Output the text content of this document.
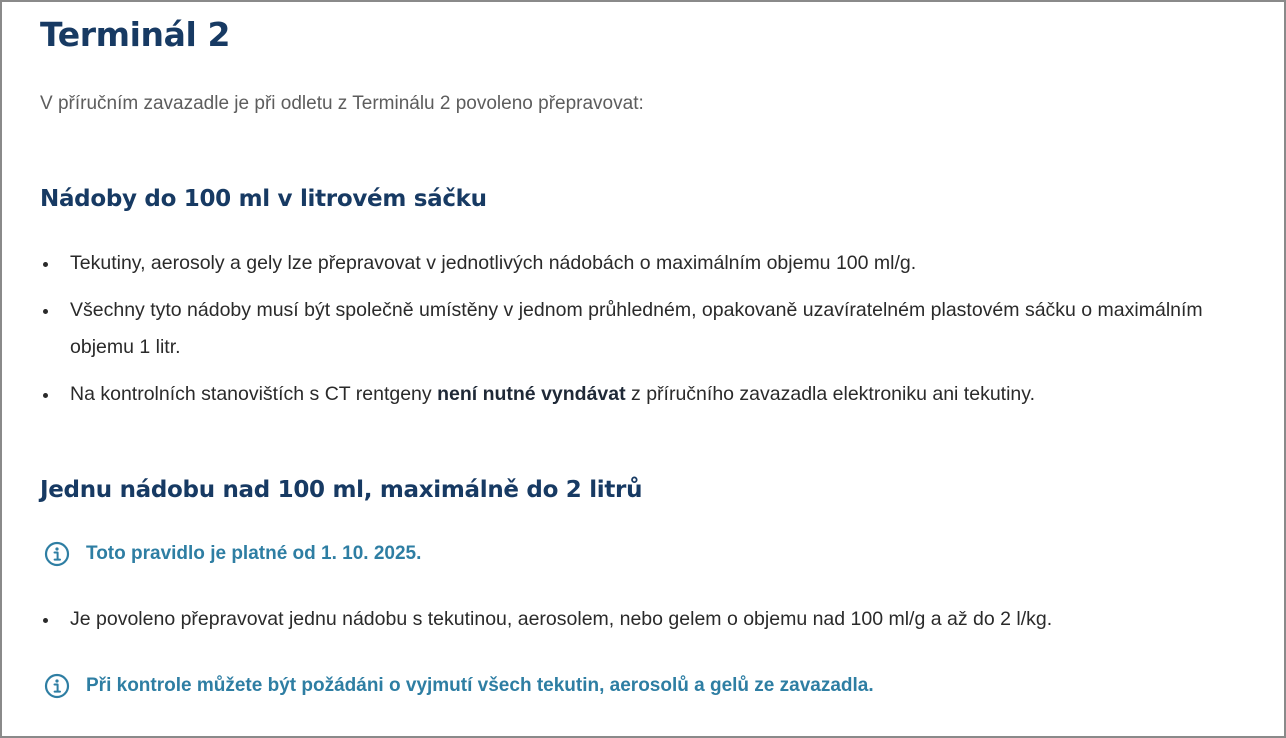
Terminál 2

V příručním zavazadle je při odletu z Terminálu 2 povoleno přepravovat:

Nádoby do 100 ml v litrovém sáčku
Tekutiny, aerosoly a gely lze přepravovat v jednotlivých nádobách o maximálním objemu 100 ml/g.
Všechny tyto nádoby musí být společně umístěny v jednom průhledném, opakovaně uzavíratelném plastovém sáčku o maximálním objemu 1 litr.
Na kontrolních stanovištích s CT rentgeny není nutné vyndávat z příručního zavazadla elektroniku ani tekutiny.
Jednu nádobu nad 100 ml, maximálně do 2 litrů
Toto pravidlo je platné od 1. 10. 2025.
Je povoleno přepravovat jednu nádobu s tekutinou, aerosolem, nebo gelem o objemu nad 100 ml/g a až do 2 l/kg.
Při kontrole můžete být požádáni o vyjmutí všech tekutin, aerosolů a gelů ze zavazadla.
